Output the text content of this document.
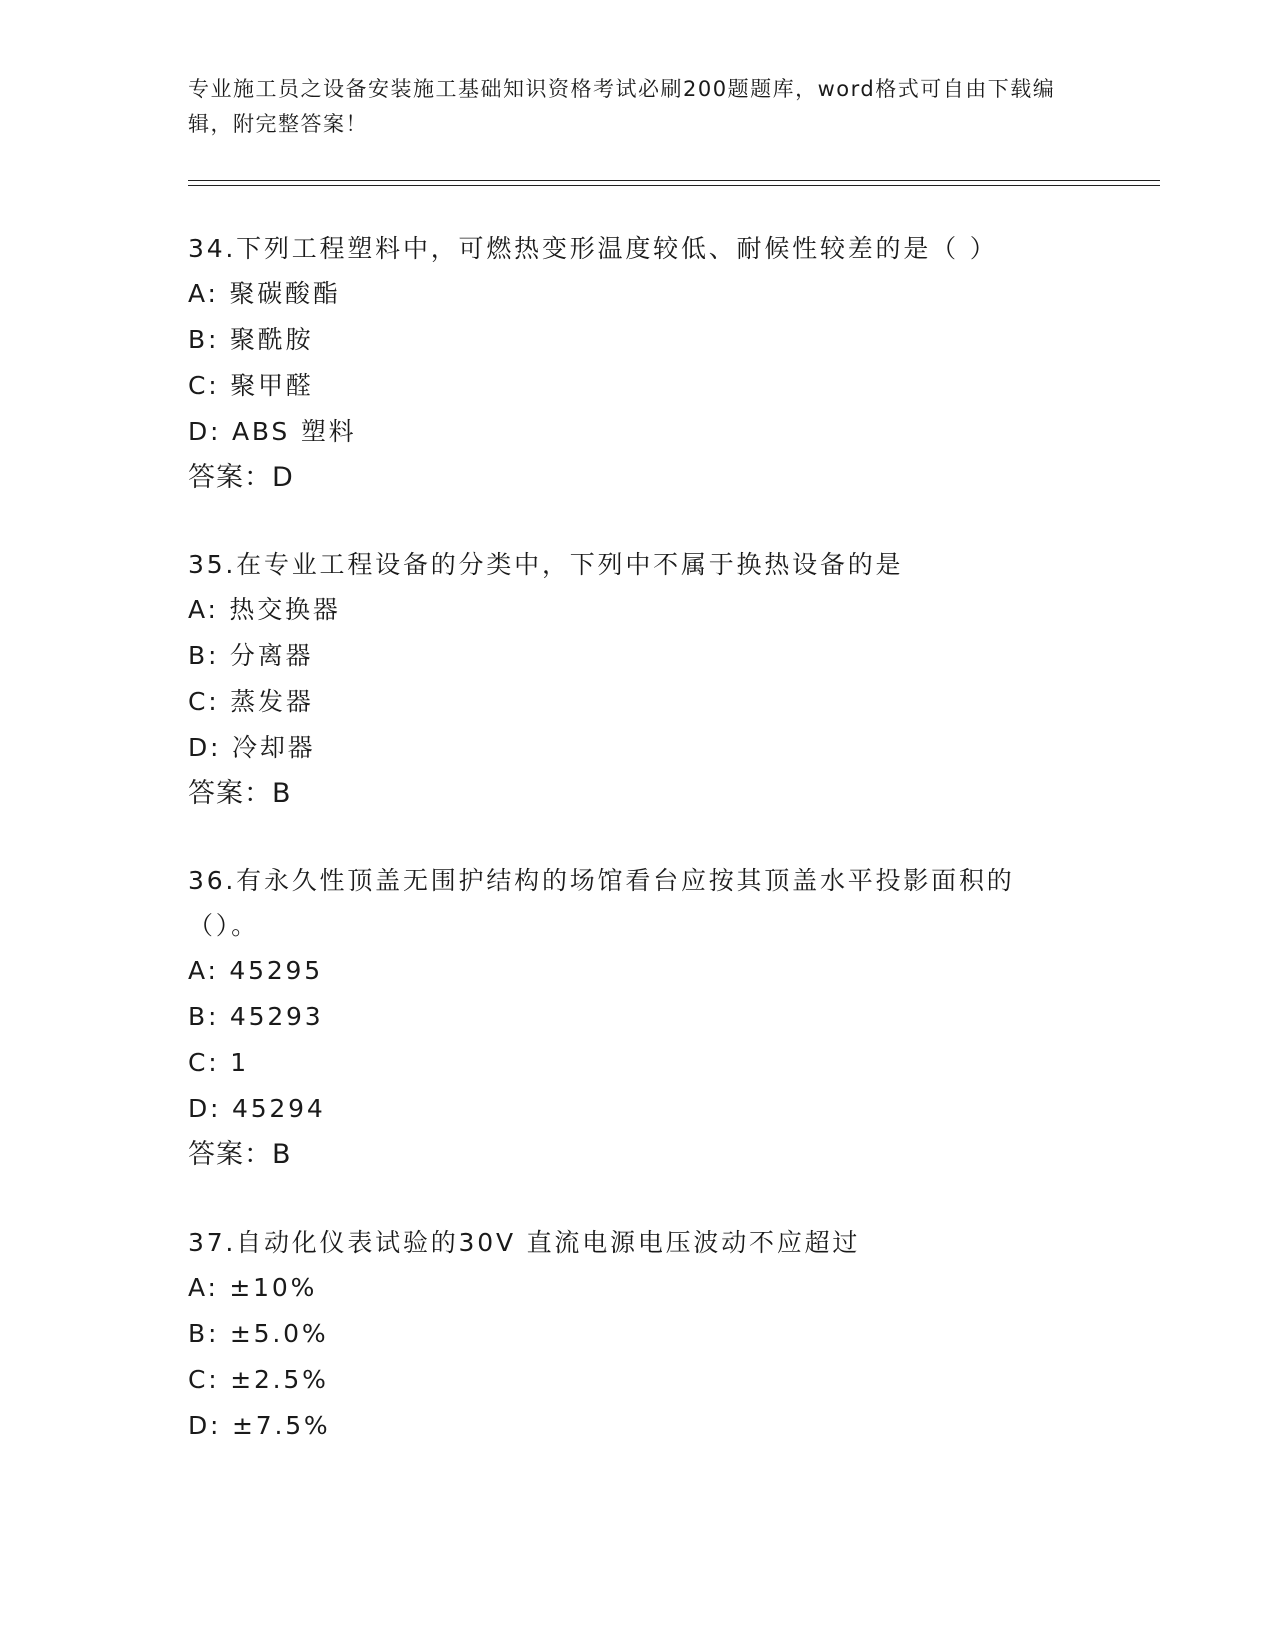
专业施工员之设备安装施工基础知识资格考试必刷200题题库，word格式可自由下载编辑，附完整答案！

34.下列工程塑料中，可燃热变形温度较低、耐候性较差的是（ ）

A: 聚碳酸酯

B: 聚酰胺

C: 聚甲醛

D: ABS 塑料

答案：D

35.在专业工程设备的分类中，下列中不属于换热设备的是

A: 热交换器

B: 分离器

C: 蒸发器

D: 冷却器

答案：B

36.有永久性顶盖无围护结构的场馆看台应按其顶盖水平投影面积的（）。

A: 45295

B: 45293

C: 1

D: 45294

答案：B

37.自动化仪表试验的30V 直流电源电压波动不应超过

A: ±10%

B: ±5.0%

C: ±2.5%

D: ±7.5%
